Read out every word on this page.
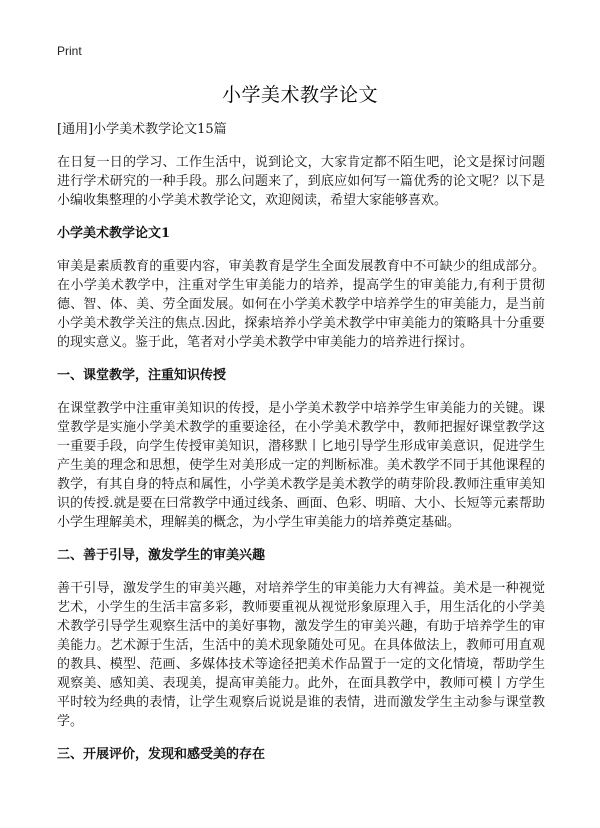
Print
小学美术教学论文
[通用]小学美术教学论文15篇

在日复一日的学习、工作生活中，说到论文，大家肯定都不陌生吧，论文是探讨问题进行学术研究的一种手段。那么问题来了，到底应如何写一篇优秀的论文呢？以下是小编收集整理的小学美术教学论文，欢迎阅读，希望大家能够喜欢。

小学美术教学论文1

审美是素质教育的重要内容，审美教育是学生全面发展教育中不可缺少的组成部分。在小学美术教学中，注重对学生审美能力的培养，提高学生的审美能力,有利于贯彻德、智、体、美、劳全面发展。如何在小学美术教学中培养学生的审美能力，是当前小学美术教学关注的焦点.因此，探索培养小学美术教学中审美能力的策略具十分重要的现实意义。鉴于此，笔者对小学美术教学中审美能力的培养进行探讨。

一、课堂教学，注重知识传授

在课堂教学中注重审美知识的传授，是小学美术教学中培养学生审美能力的关键。课堂教学是实施小学美术教学的重要途径，在小学美术教学中，教师把握好课堂教学这一重要手段，向学生传授审美知识，潜移默丨匕地引导学生形成审美意识，促进学生产生美的理念和思想，使学生对美形成一定的判断标准。美术教学不同于其他课程的教学，有其自身的特点和属性，小学美术教学是美术教学的萌芽阶段.教师注重审美知识的传授.就是要在曰常教学中通过线条、画面、色彩、明暗、大小、长短等元素帮助小学生理解美术，理解美的概念，为小学生审美能力的培养奠定基础。

二、善于引导，激发学生的审美兴趣

善干引导，激发学生的审美兴趣，对培养学生的审美能力大有裨益。美术是一种视觉艺术，小学生的生活丰富多彩，教师要重视从视觉形象原理入手，用生活化的小学美术教学引导学生观察生活中的美好事物，激发学生的审美兴趣，有助于培养学生的审美能力。艺术源于生活，生活中的美术现象随处可见。在具体做法上，教师可用直观的教具、模型、范画、多媒体技术等途径把美术作品置于一定的文化情境，帮助学生观察美、感知美、表现美，提高审美能力。此外，在面具教学中，教师可模丨方学生平时较为经典的表情，让学生观察后说说是谁的表情，进而激发学生主动参与课堂教学。

三、开展评价，发现和感受美的存在
